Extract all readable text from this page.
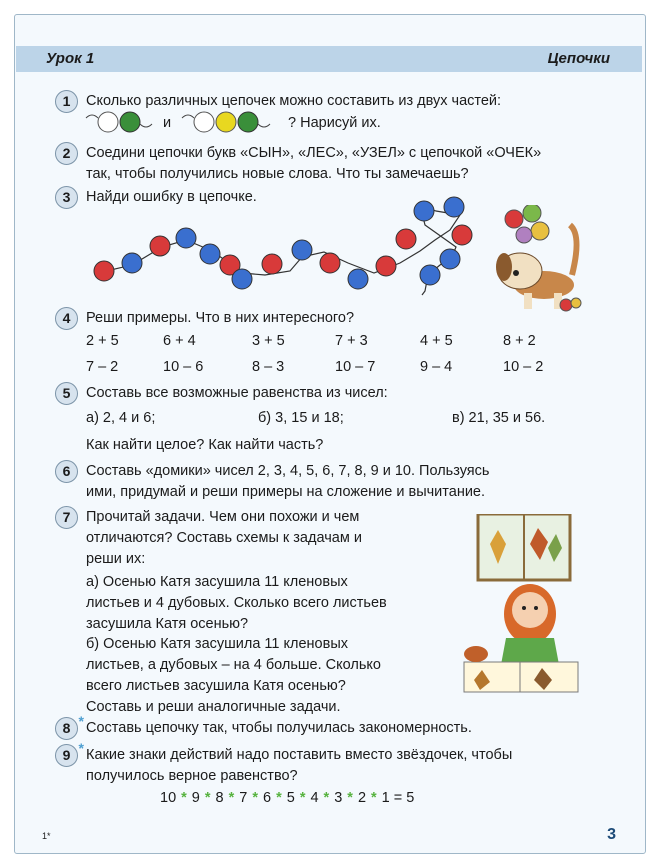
Урок 1	Цепочки
1	Сколько различных цепочек можно составить из двух частей:
и	? Нарисуй их.
2	Соедини цепочки букв «СЫН», «ЛЕС», «УЗЕЛ» с цепочкой «ОЧЕК»
так, чтобы получились новые слова. Что ты замечаешь?
3	Найди ошибку в цепочке.
4	Реши примеры. Что в них интересного?
2 + 5	6 + 4	3 + 5	7 + 3	4 + 5	8 + 2
7 – 2	10 – 6	8 – 3	10 – 7	9 – 4	10 – 2
5	Составь все возможные равенства из чисел:
а) 2, 4 и 6;	б) 3, 15 и 18;	в) 21, 35 и 56.
Как найти целое? Как найти часть?
6	Составь «домики» чисел 2, 3, 4, 5, 6, 7, 8, 9 и 10. Пользуясь
ими, придумай и реши примеры на сложение и вычитание.
7	Прочитай задачи. Чем они похожи и чем
отличаются? Составь схемы к задачам и
реши их:
а) Осенью Катя засушила 11 кленовых
листьев и 4 дубовых. Сколько всего листьев
засушила Катя осенью?
б) Осенью Катя засушила 11 кленовых
листьев, а дубовых – на 4 больше. Сколько
всего листьев засушила Катя осенью?
Составь и реши аналогичные задачи.
8 *	Составь цепочку так, чтобы получилась закономерность.
9 *	Какие знаки действий надо поставить вместо звёздочек, чтобы
получилось верное равенство?
10 * 9 * 8 * 7 * 6 * 5 * 4 * 3 * 2 * 1 = 5
1*	3
